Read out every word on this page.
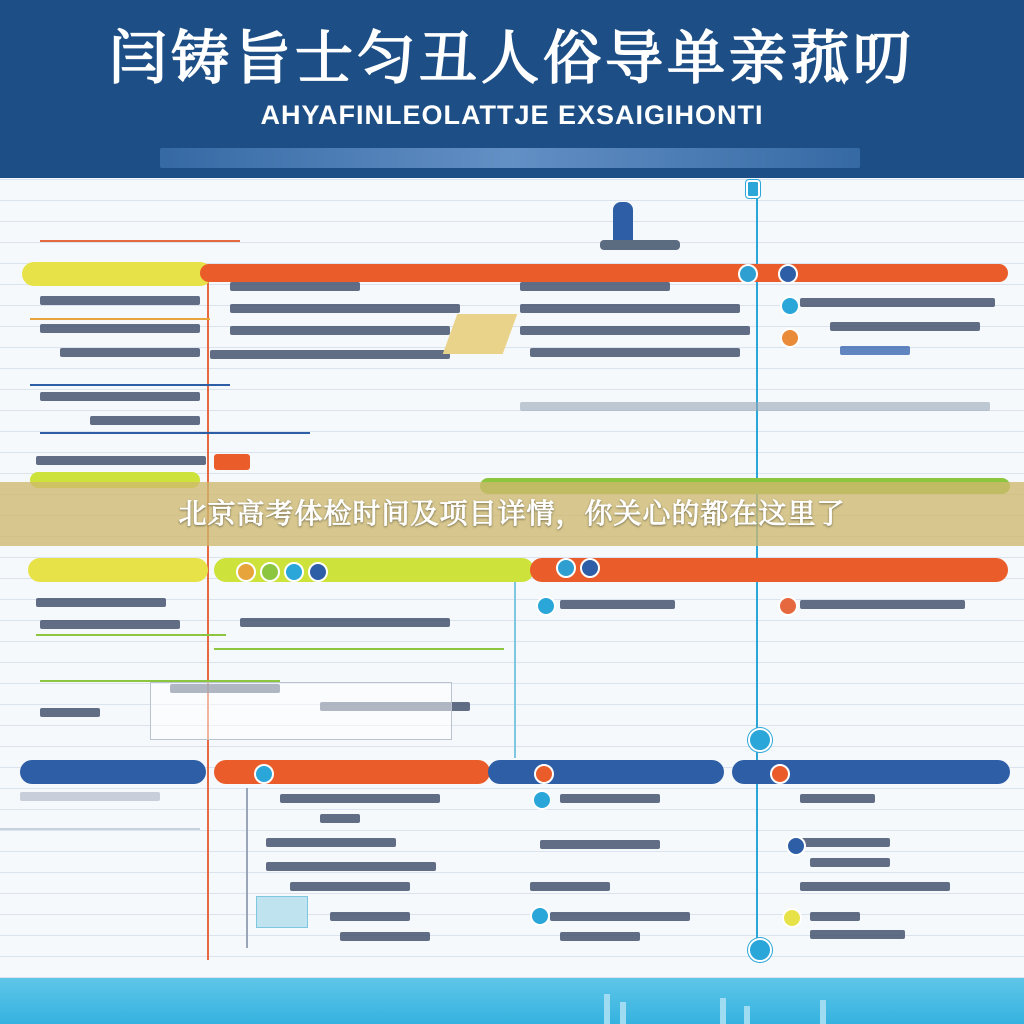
闫铸旨士匀丑人俗导单亲菰叨
AHYAFINLEOLATTJE EXSAIGIHONTI
北京高考体检时间及项目详情，你关心的都在这里了
